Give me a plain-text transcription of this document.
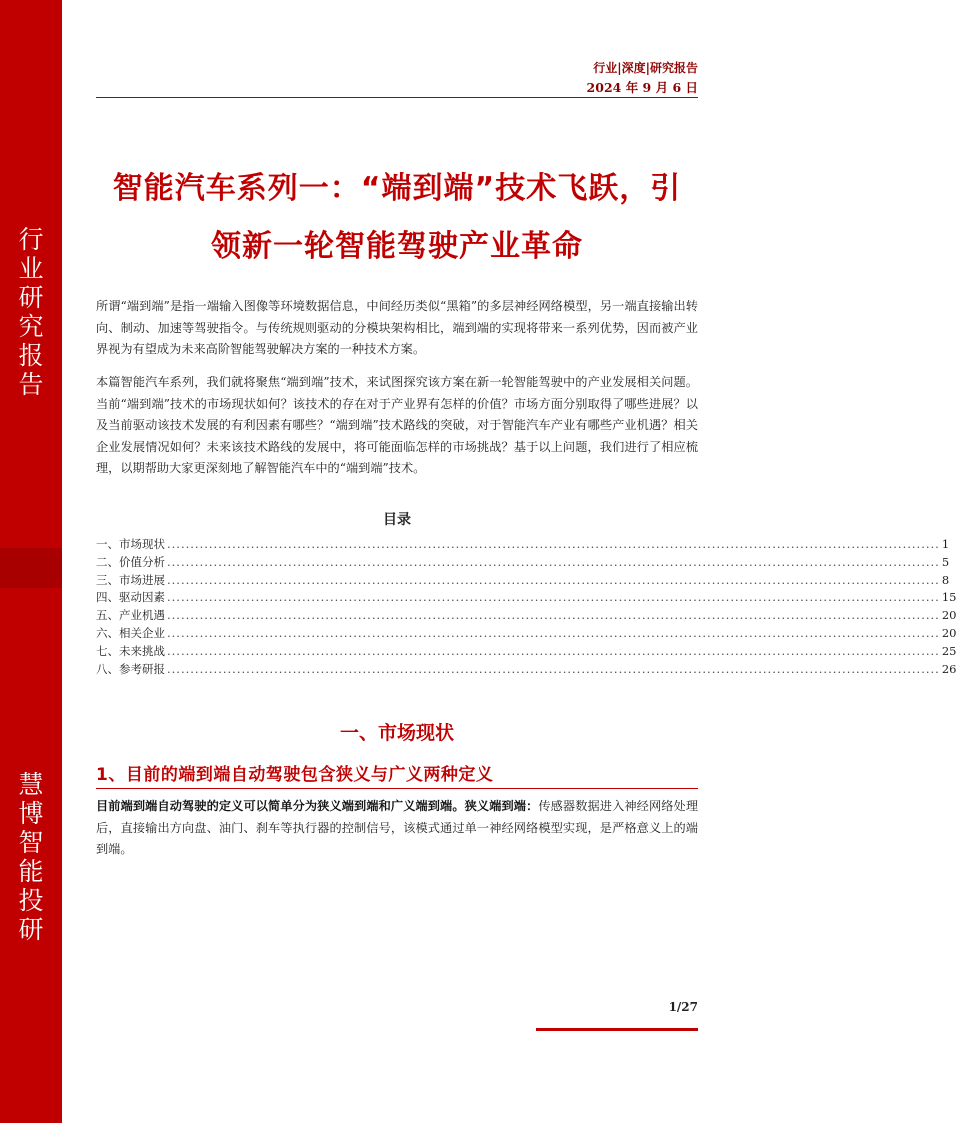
行业研究报告
慧博智能投研
行业|深度|研究报告
2024 年 9 月 6 日
智能汽车系列一：“端到端”技术飞跃，引
领新一轮智能驾驶产业革命
所谓“端到端”是指一端输入图像等环境数据信息，中间经历类似“黑箱”的多层神经网络模型，另一端直接输出转向、制动、加速等驾驶指令。与传统规则驱动的分模块架构相比，端到端的实现将带来一系列优势，因而被产业界视为有望成为未来高阶智能驾驶解决方案的一种技术方案。
本篇智能汽车系列，我们就将聚焦“端到端”技术，来试图探究该方案在新一轮智能驾驶中的产业发展相关问题。当前“端到端”技术的市场现状如何？该技术的存在对于产业界有怎样的价值？市场方面分别取得了哪些进展？以及当前驱动该技术发展的有利因素有哪些？“端到端”技术路线的突破，对于智能汽车产业有哪些产业机遇？相关企业发展情况如何？未来该技术路线的发展中，将可能面临怎样的市场挑战？基于以上问题，我们进行了相应梳理，以期帮助大家更深刻地了解智能汽车中的“端到端”技术。
目录
一、市场现状 ...................................................................................................................................................................... 1
二、价值分析 ...................................................................................................................................................................... 5
三、市场进展 ...................................................................................................................................................................... 8
四、驱动因素 ...................................................................................................................................................................... 15
五、产业机遇 ...................................................................................................................................................................... 20
六、相关企业 ...................................................................................................................................................................... 20
七、未来挑战 ...................................................................................................................................................................... 25
八、参考研报 ...................................................................................................................................................................... 26
一、市场现状
1、目前的端到端自动驾驶包含狭义与广义两种定义
目前端到端自动驾驶的定义可以简单分为狭义端到端和广义端到端。狭义端到端：传感器数据进入神经网络处理后，直接输出方向盘、油门、刹车等执行器的控制信号，该模式通过单一神经网络模型实现，是严格意义上的端到端。
1/27
